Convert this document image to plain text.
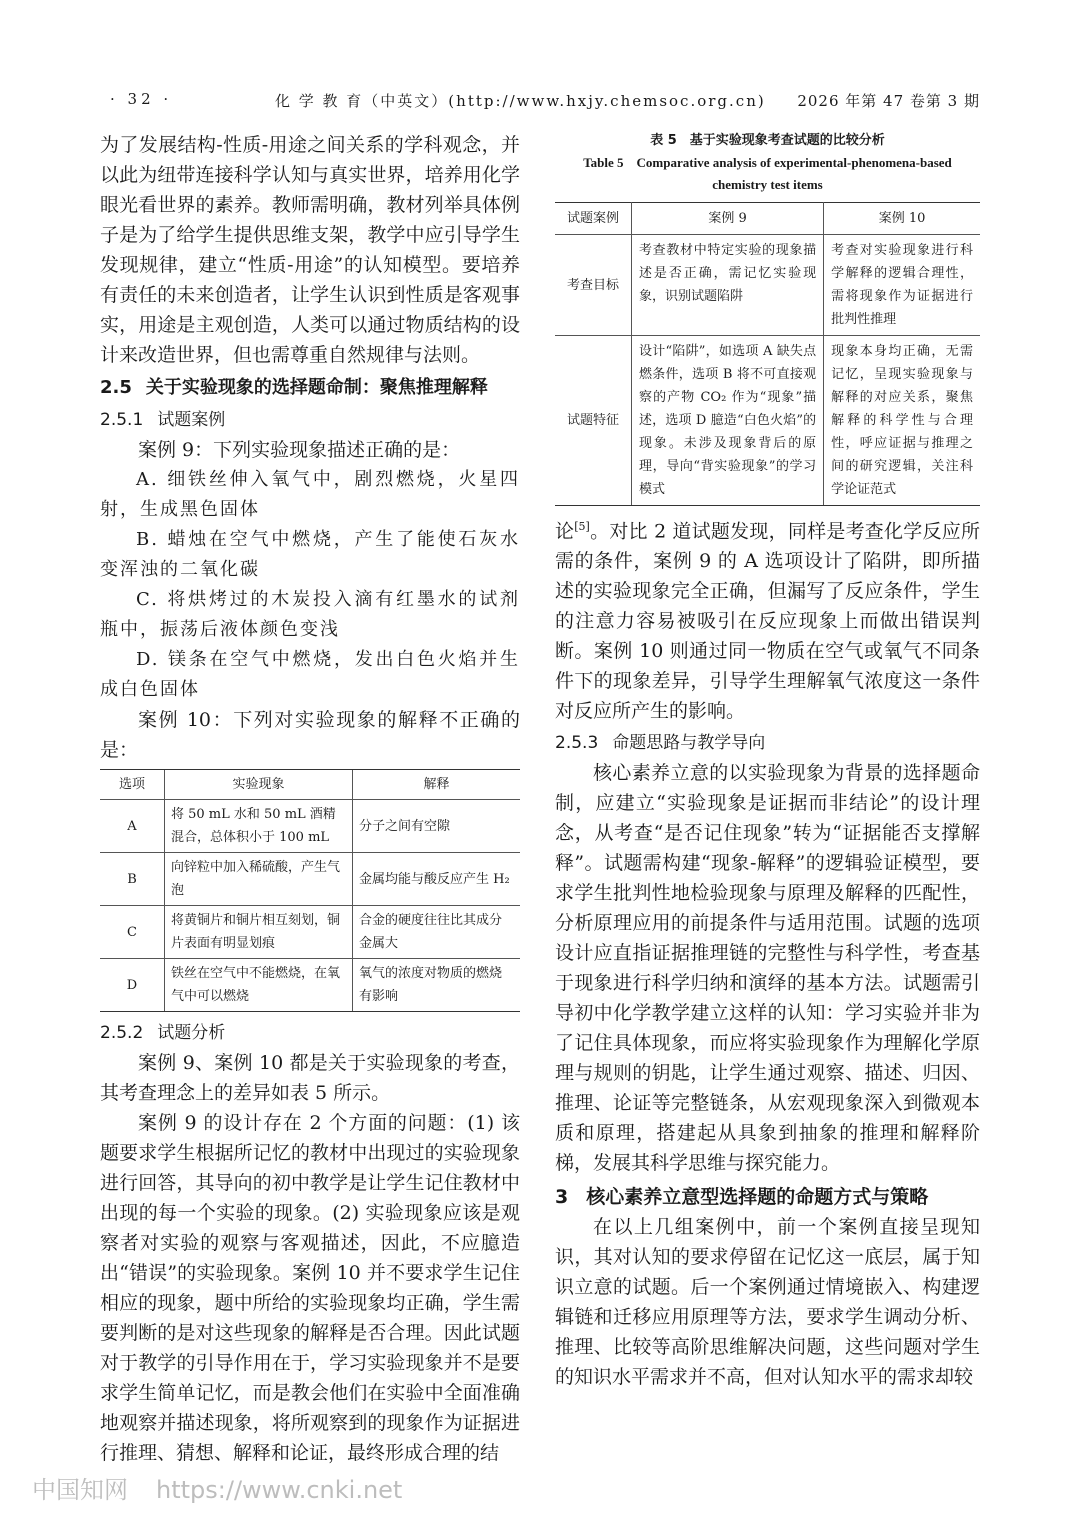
· 32 ·	化 学 教 育（中英文）(http://www.hxjy.chemsoc.org.cn) 2026 年第 47 卷第 3 期

为了发展结构-性质-用途之间关系的学科观念，并以此为纽带连接科学认知与真实世界，培养用化学眼光看世界的素养。教师需明确，教材列举具体例子是为了给学生提供思维支架，教学中应引导学生发现规律，建立“性质-用途”的认知模型。要培养有责任的未来创造者，让学生认识到性质是客观事实，用途是主观创造，人类可以通过物质结构的设计来改造世界，但也需尊重自然规律与法则。

2.5 关于实验现象的选择题命制：聚焦推理解释
2.5.1 试题案例

案例 9：下列实验现象描述正确的是：

A. 细铁丝伸入氧气中，剧烈燃烧，火星四射，生成黑色固体

B. 蜡烛在空气中燃烧，产生了能使石灰水变浑浊的二氧化碳

C. 将烘烤过的木炭投入滴有红墨水的试剂瓶中，振荡后液体颜色变浅

D. 镁条在空气中燃烧，发出白色火焰并生成白色固体

案例 10：下列对实验现象的解释不正确的是：

选项	实验现象	解释
A	将 50 mL 水和 50 mL 酒精混合，总体积小于 100 mL	分子之间有空隙
B	向锌粒中加入稀硫酸，产生气泡	金属均能与酸反应产生 H₂
C	将黄铜片和铜片相互刻划，铜片表面有明显划痕	合金的硬度往往比其成分金属大
D	铁丝在空气中不能燃烧，在氧气中可以燃烧	氧气的浓度对物质的燃烧有影响
2.5.2 试题分析

案例 9、案例 10 都是关于实验现象的考查，其考查理念上的差异如表 5 所示。

案例 9 的设计存在 2 个方面的问题：(1) 该题要求学生根据所记忆的教材中出现过的实验现象进行回答，其导向的初中教学是让学生记住教材中出现的每一个实验的现象。(2) 实验现象应该是观察者对实验的观察与客观描述，因此，不应臆造出“错误”的实验现象。案例 10 并不要求学生记住相应的现象，题中所给的实验现象均正确，学生需要判断的是对这些现象的解释是否合理。因此试题对于教学的引导作用在于，学习实验现象并不是要求学生简单记忆，而是教会他们在实验中全面准确地观察并描述现象，将所观察到的现象作为证据进行推理、猜想、解释和论证，最终形成合理的结

表 5　基于实验现象考查试题的比较分析
Table 5　Comparative analysis of experimental-phenomena-based chemistry test items
试题案例	案例 9	案例 10
考查目标	考查教材中特定实验的现象描述是否正确，需记忆实验现象，识别试题陷阱	考查对实验现象进行科学解释的逻辑合理性，需将现象作为证据进行批判性推理
试题特征	设计“陷阱”，如选项 A 缺失点燃条件，选项 B 将不可直接观察的产物 CO₂ 作为“现象”描述，选项 D 臆造“白色火焰”的现象。未涉及现象背后的原理，导向“背实验现象”的学习模式	现象本身均正确，无需记忆，呈现实验现象与解释的对应关系，聚焦解释的科学性与合理性，呼应证据与推理之间的研究逻辑，关注科学论证范式

论[5]。对比 2 道试题发现，同样是考查化学反应所需的条件，案例 9 的 A 选项设计了陷阱，即所描述的实验现象完全正确，但漏写了反应条件，学生的注意力容易被吸引在反应现象上而做出错误判断。案例 10 则通过同一物质在空气或氧气不同条件下的现象差异，引导学生理解氧气浓度这一条件对反应所产生的影响。

2.5.3 命题思路与教学导向

核心素养立意的以实验现象为背景的选择题命制，应建立“实验现象是证据而非结论”的设计理念，从考查“是否记住现象”转为“证据能否支撑解释”。试题需构建“现象-解释”的逻辑验证模型，要求学生批判性地检验现象与原理及解释的匹配性，分析原理应用的前提条件与适用范围。试题的选项设计应直指证据推理链的完整性与科学性，考查基于现象进行科学归纳和演绎的基本方法。试题需引导初中化学教学建立这样的认知：学习实验并非为了记住具体现象，而应将实验现象作为理解化学原理与规则的钥匙，让学生通过观察、描述、归因、推理、论证等完整链条，从宏观现象深入到微观本质和原理，搭建起从具象到抽象的推理和解释阶梯，发展其科学思维与探究能力。

3 核心素养立意型选择题的命题方式与策略

在以上几组案例中，前一个案例直接呈现知识，其对认知的要求停留在记忆这一底层，属于知识立意的试题。后一个案例通过情境嵌入、构建逻辑链和迁移应用原理等方法，要求学生调动分析、推理、比较等高阶思维解决问题，这些问题对学生的知识水平需求并不高，但对认知水平的需求却较

中国知网 https://www.cnki.net
